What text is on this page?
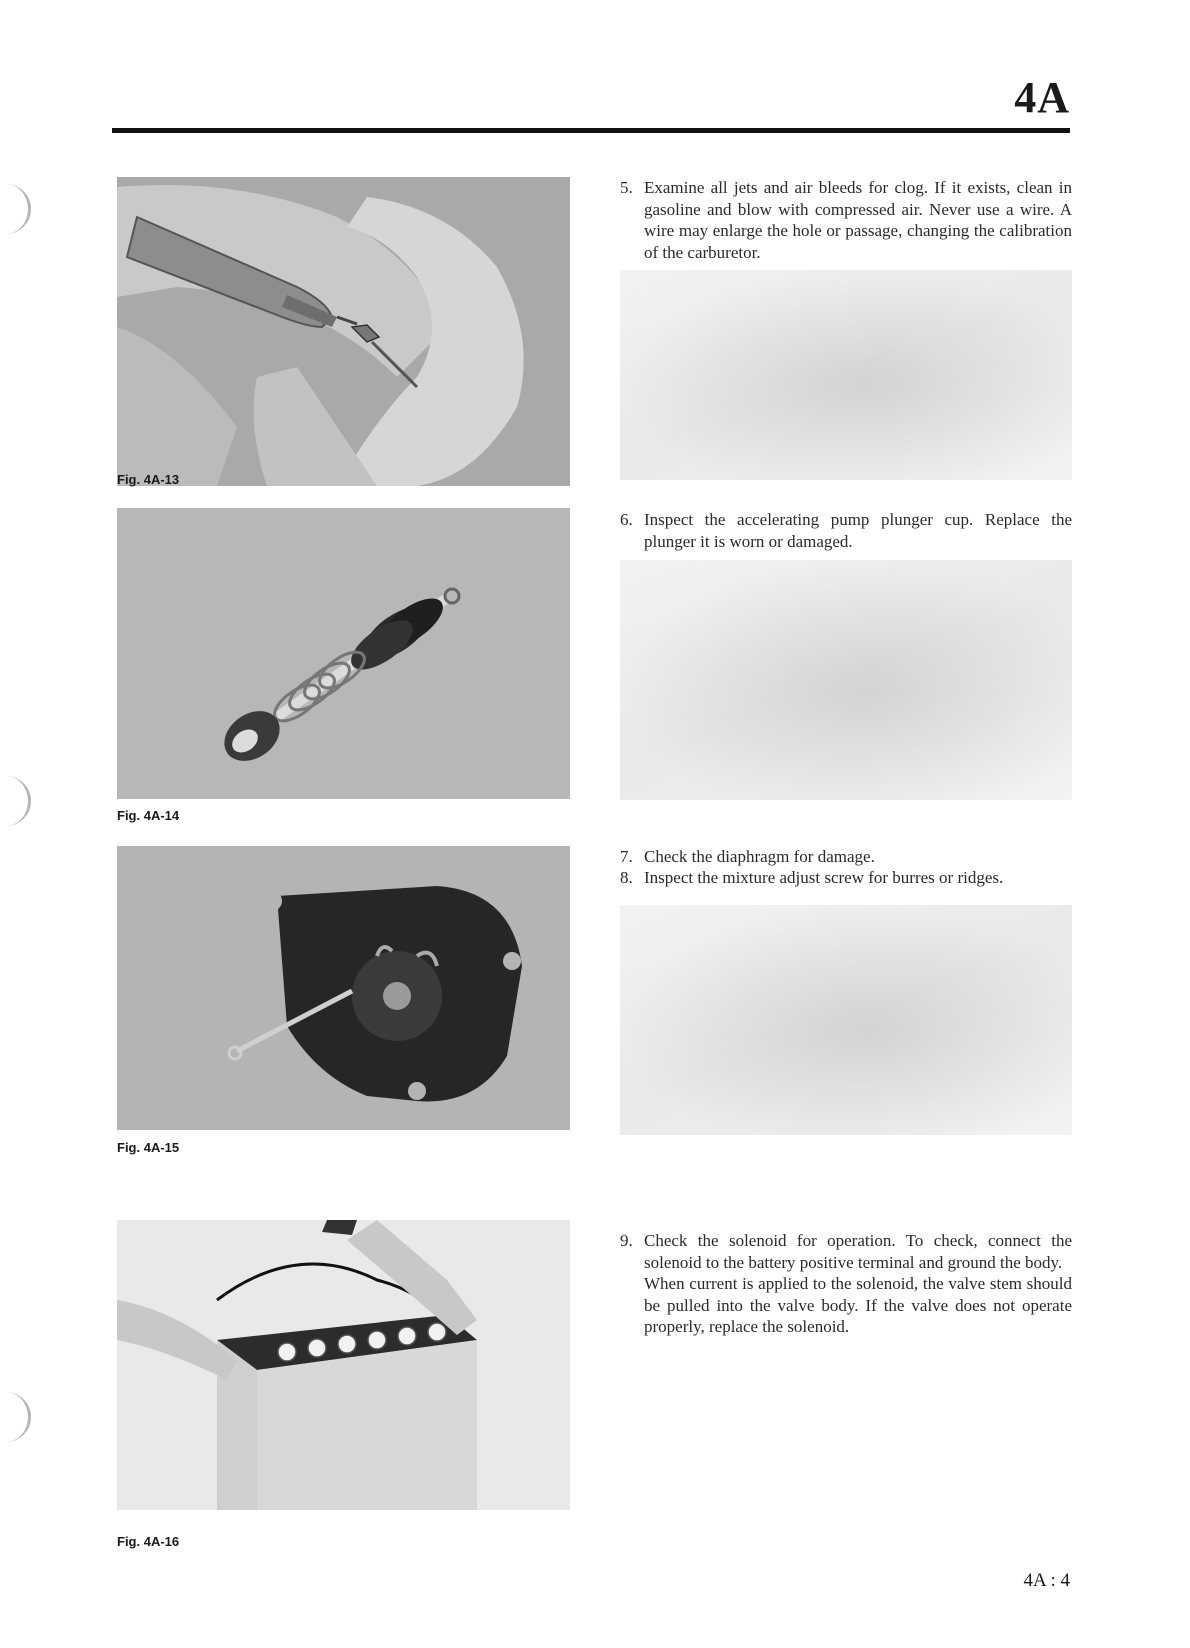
4A
Fig. 4A-13
5. Examine all jets and air bleeds for clog. If it exists, clean in gasoline and blow with compressed air. Never use a wire. A wire may enlarge the hole or passage, changing the calibration of the carburetor.

Fig. 4A-14
6. Inspect the accelerating pump plunger cup. Replace the plunger it is worn or damaged.

Fig. 4A-15
7. Check the diaphragm for damage.

8. Inspect the mixture adjust screw for burres or ridges.

Fig. 4A-16
9. Check the solenoid for operation. To check, connect the solenoid to the battery positive terminal and ground the body.

When current is applied to the solenoid, the valve stem should be pulled into the valve body. If the valve does not operate properly, replace the solenoid.

4A : 4
